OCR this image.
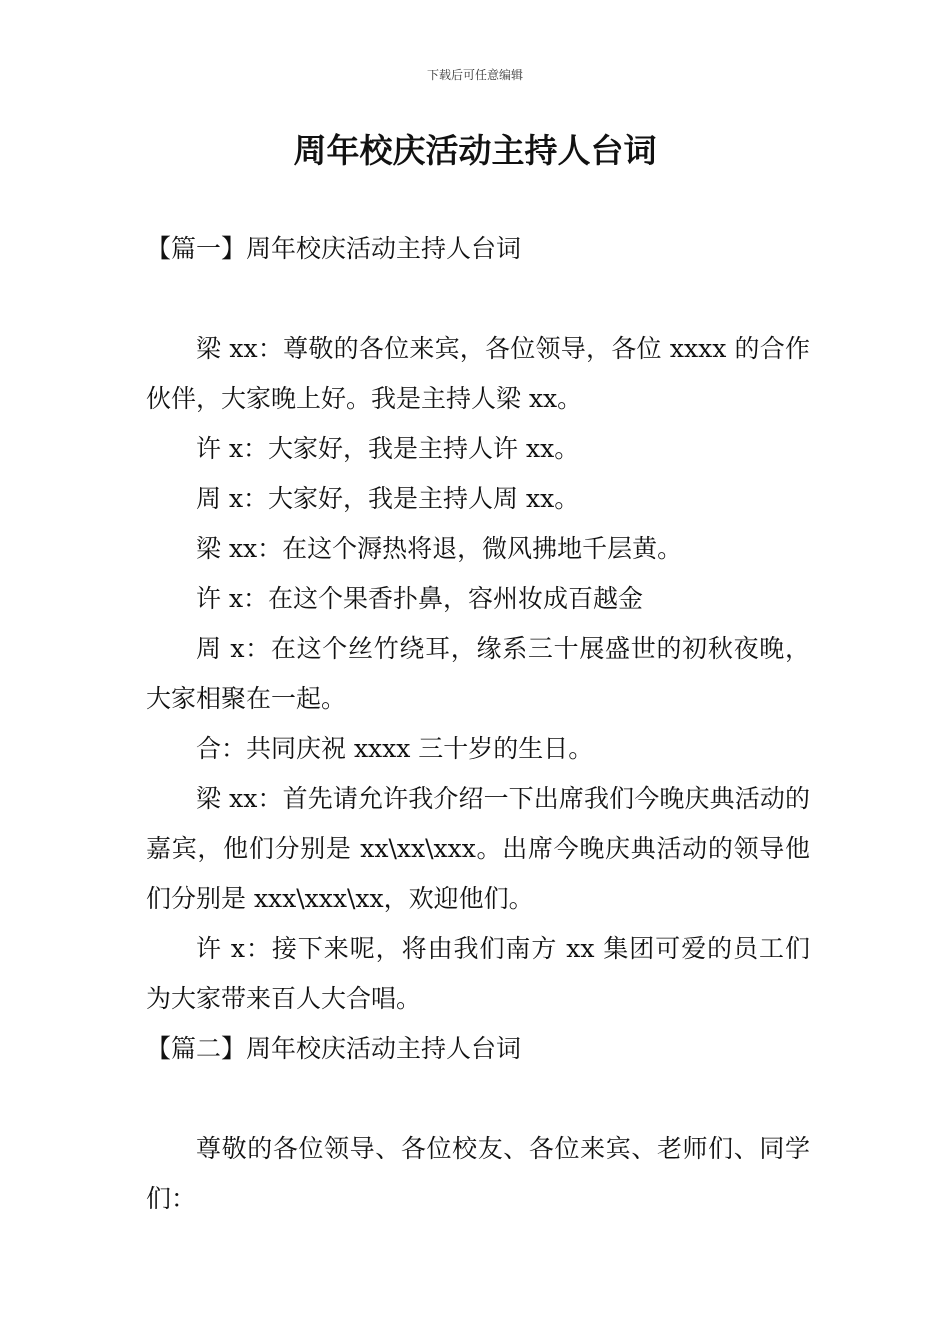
下载后可任意编辑
周年校庆活动主持人台词

【篇一】周年校庆活动主持人台词

梁 xx：尊敬的各位来宾，各位领导，各位 xxxx 的合作伙伴，大家晚上好。我是主持人梁 xx。

许 x：大家好，我是主持人许 xx。

周 x：大家好，我是主持人周 xx。

梁 xx：在这个溽热将退，微风拂地千层黄。

许 x：在这个果香扑鼻，容州妆成百越金

周 x：在这个丝竹绕耳，缘系三十展盛世的初秋夜晚，大家相聚在一起。

合：共同庆祝 xxxx 三十岁的生日。

梁 xx：首先请允许我介绍一下出席我们今晚庆典活动的嘉宾，他们分别是 xx\xx\xxx。出席今晚庆典活动的领导他们分别是 xxx\xxx\xx，欢迎他们。

许 x：接下来呢，将由我们南方 xx 集团可爱的员工们为大家带来百人大合唱。

【篇二】周年校庆活动主持人台词

尊敬的各位领导、各位校友、各位来宾、老师们、同学们：
